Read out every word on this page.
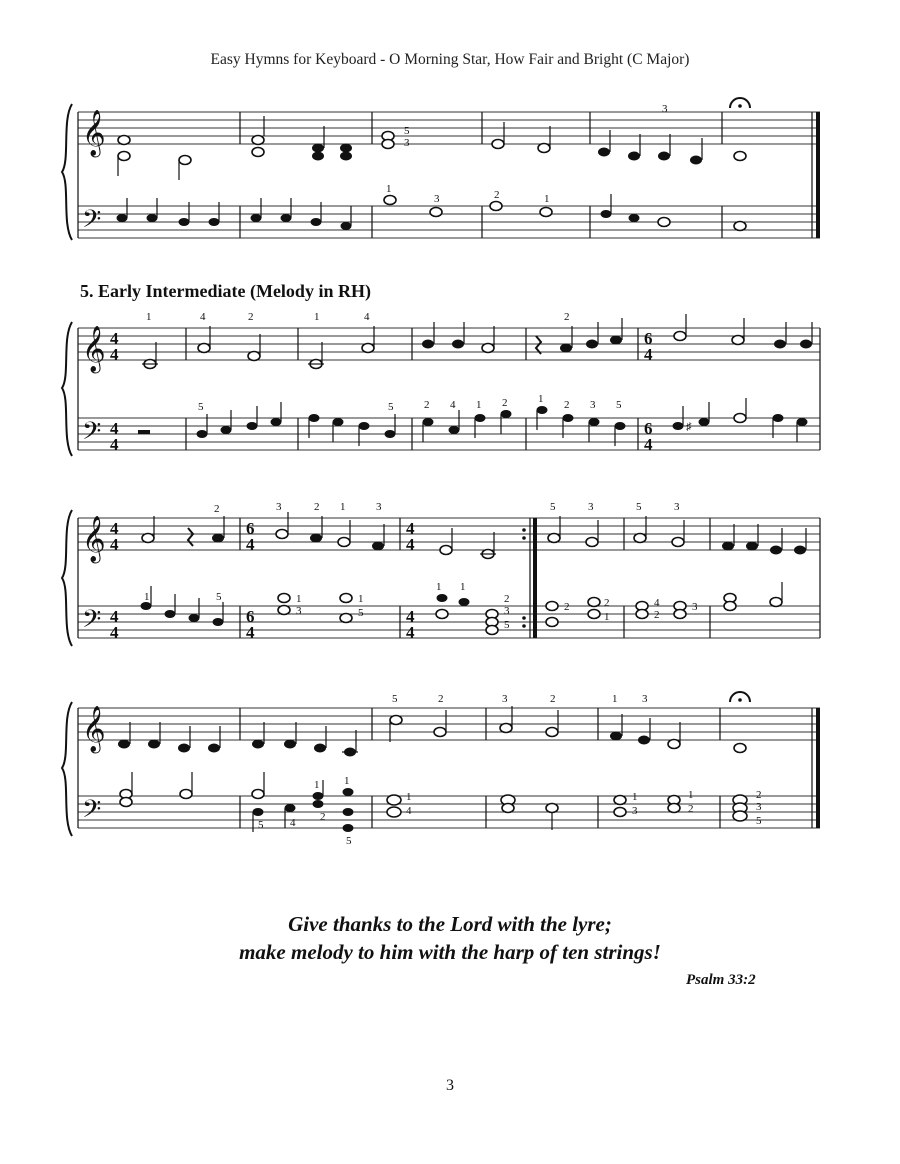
Easy Hymns for Keyboard - O Morning Star, How Fair and Bright (C Major)
5. Early Intermediate (Melody in RH)
𝄞
𝄢
5
3
3
1
3	2	1
𝄞
𝄢
4
4
4
4
6
4
6
4
♯
1	4	2	1	4	2
5	5	2 4 1 2	1 2 3 5
𝄞
𝄢
4
4
4
4
6
4
6
4
4
4
4
4
2	3	2 1	3	5	3	5	3
1	5	1
3
1
5
1 1
2
3
5
2	2
1
4
2
3
𝄞
𝄢
5	2	3	2	1 3
1 1
5 4 2
5
1
4
1
3
1
2
2
3
5
Give thanks to the Lord with the lyre;
make melody to him with the harp of ten strings!
Psalm 33:2
3
